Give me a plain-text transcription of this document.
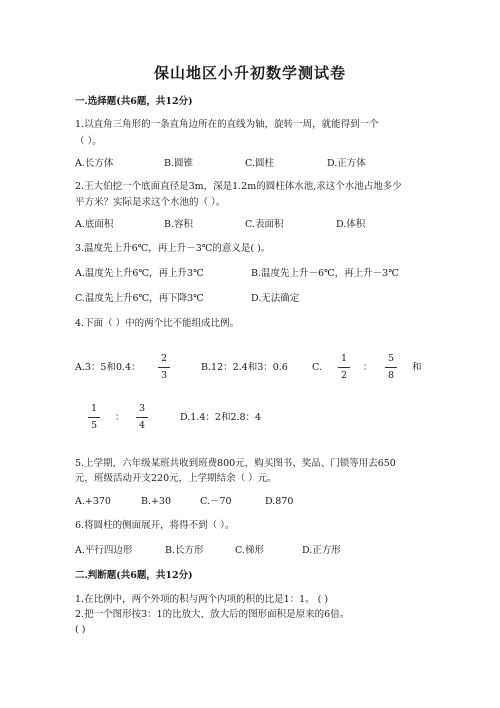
保山地区小升初数学测试卷
一.选择题(共6题，共12分)
1.以直角三角形的一条直角边所在的直线为轴，旋转一周，就能得到一个
（ ）。
A.长方体	B.圆锥	C.圆柱	D.正方体
2.王大伯挖一个底面直径是3m，深是1.2m的圆柱体水池,求这个水池占地多少
平方米？实际是求这个水池的（ ）。
A.底面积	B.容积	C.表面积	D.体积
3.温度先上升6℃，再上升－3℃的意义是( )。
A.温度先上升6℃，再上升3℃	B.温度先上升－6℃，再上升－3℃
C.温度先上升6℃，再下降3℃	D.无法确定
4.下面（ ）中的两个比不能组成比例。
A.3：5和0.4：
2
3
B.12：2.4和3：0.6	C.
1
2
：
5
8
和
1
5
：
3
4
D.1.4：2和2.8：4
5.上学期，六年级某班共收到班费800元，购买图书、奖品、门锁等用去650
元，班级活动开支220元，上学期结余（ ）元。
A.+370	B.+30	C.－70	D.870
6.将圆柱的侧面展开，将得不到（ ）。
A.平行四边形	B.长方形	C.梯形	D.正方形
二.判断题(共6题，共12分)
1.在比例中，两个外项的积与两个内项的积的比是1：1。 ( )
2.把一个图形按3：1的比放大，放大后的图形面积是原来的6倍。
( )
